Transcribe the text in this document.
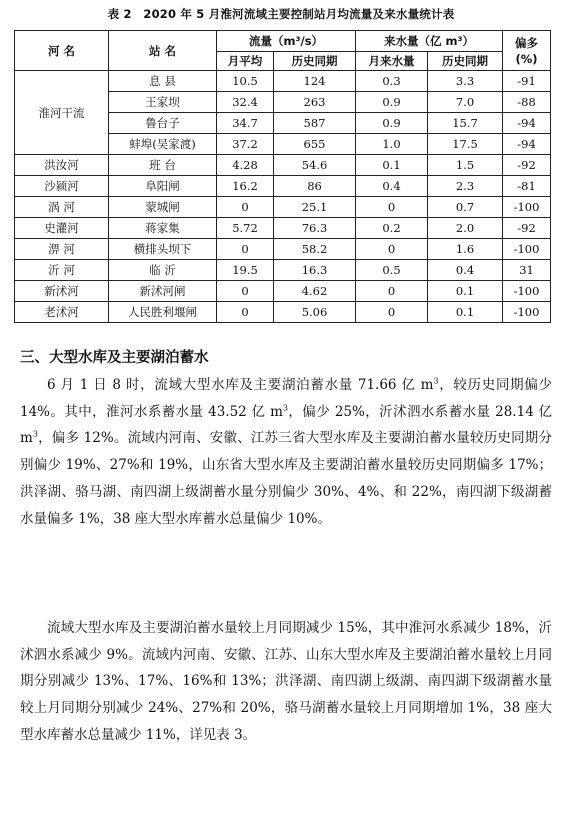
表 2　2020 年 5 月淮河流域主要控制站月均流量及来水量统计表
河 名	站 名	流量（m³/s）		来水量（亿 m³）		偏多
(%)
		月平均	历史同期	月来水量	历史同期	
淮河干流	息 县	10.5	124	0.3	3.3	-91
	王家坝	32.4	263	0.9	7.0	-88
	鲁台子	34.7	587	0.9	15.7	-94
	蚌埠(吴家渡)	37.2	655	1.0	17.5	-94
洪汝河	班 台	4.28	54.6	0.1	1.5	-92
沙颍河	阜阳闸	16.2	86	0.4	2.3	-81
涡 河	蒙城闸	0	25.1	0	0.7	-100
史灌河	蒋家集	5.72	76.3	0.2	2.0	-92
淠 河	横排头坝下	0	58.2	0	1.6	-100
沂 河	临 沂	19.5	16.3	0.5	0.4	31
新沭河	新沭河闸	0	4.62	0	0.1	-100
老沭河	人民胜利堰闸	0	5.06	0	0.1	-100
三、大型水库及主要湖泊蓄水

6 月 1 日 8 时，流域大型水库及主要湖泊蓄水量 71.66 亿 $m^3$，较历史同期偏少 14%。其中，淮河水系蓄水量 43.52 亿 $m^3$，偏少 25%，沂沭泗水系蓄水量 28.14 亿 $m^3$，偏多 12%。流域内河南、安徽、江苏三省大型水库及主要湖泊蓄水量较历史同期分别偏少 19%、27%和 19%，山东省大型水库及主要湖泊蓄水量较历史同期偏多 17%；洪泽湖、骆马湖、南四湖上级湖蓄水量分别偏少 30%、4%、和 22%，南四湖下级湖蓄水量偏多 1%，38 座大型水库蓄水总量偏少 10%。

流域大型水库及主要湖泊蓄水量较上月同期减少 15%，其中淮河水系减少 18%，沂沭泗水系减少 9%。流域内河南、安徽、江苏、山东大型水库及主要湖泊蓄水量较上月同期分别减少 13%、17%、16%和 13%；洪泽湖、南四湖上级湖、南四湖下级湖蓄水量较上月同期分别减少 24%、27%和 20%，骆马湖蓄水量较上月同期增加 1%，38 座大型水库蓄水总量减少 11%，详见表 3。
